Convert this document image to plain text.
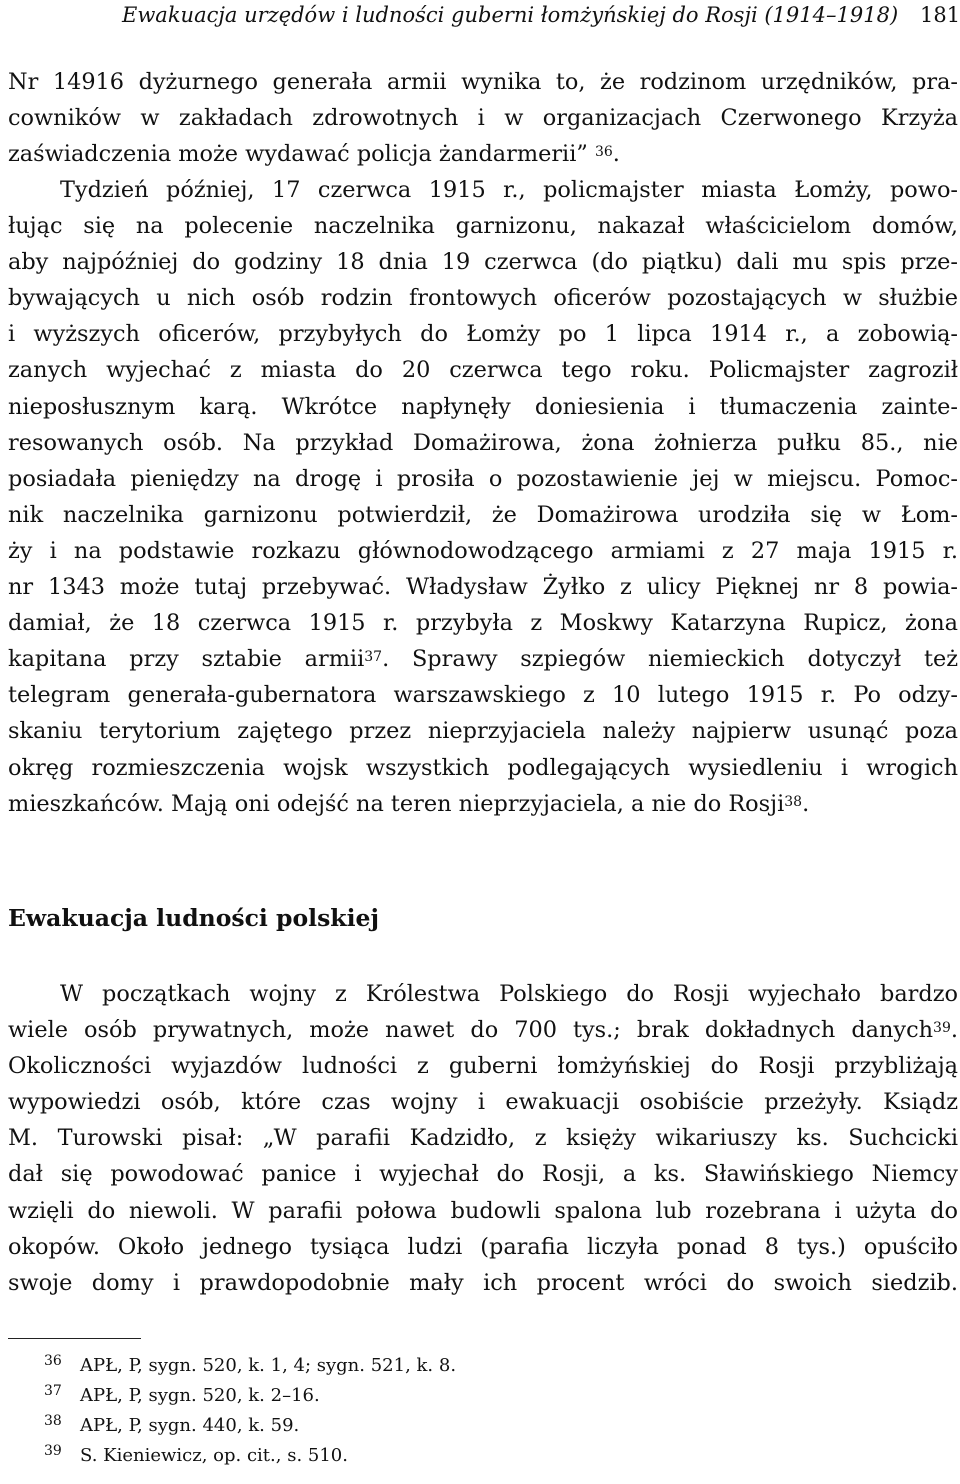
Ewakuacja urzędów i ludności guberni łomżyńskiej do Rosji (1914–1918) 181
Nr 14916 dyżurnego generała armii wynika to, że rodzinom urzędników, pra-
cowników w zakładach zdrowotnych i w organizacjach Czerwonego Krzyża
zaświadczenia może wydawać policja żandarmerii” $^{36}$.
Tydzień później, 17 czerwca 1915 r., policmajster miasta Łomży, powo-
łując się na polecenie naczelnika garnizonu, nakazał właścicielom domów,
aby najpóźniej do godziny 18 dnia 19 czerwca (do piątku) dali mu spis prze-
bywających u nich osób rodzin frontowych oficerów pozostających w służbie
i wyższych oficerów, przybyłych do Łomży po 1 lipca 1914 r., a zobowią-
zanych wyjechać z miasta do 20 czerwca tego roku. Policmajster zagroził
nieposłusznym karą. Wkrótce napłynęły doniesienia i tłumaczenia zainte-
resowanych osób. Na przykład Domażirowa, żona żołnierza pułku 85., nie
posiadała pieniędzy na drogę i prosiła o pozostawienie jej w miejscu. Pomoc-
nik naczelnika garnizonu potwierdził, że Domażirowa urodziła się w Łom-
ży i na podstawie rozkazu głównodowodzącego armiami z 27 maja 1915 r.
nr 1343 może tutaj przebywać. Władysław Żyłko z ulicy Pięknej nr 8 powia-
damiał, że 18 czerwca 1915 r. przybyła z Moskwy Katarzyna Rupicz, żona
kapitana przy sztabie armii$^{37}$. Sprawy szpiegów niemieckich dotyczył też
telegram generała-gubernatora warszawskiego z 10 lutego 1915 r. Po odzy-
skaniu terytorium zajętego przez nieprzyjaciela należy najpierw usunąć poza
okręg rozmieszczenia wojsk wszystkich podlegających wysiedleniu i wrogich
mieszkańców. Mają oni odejść na teren nieprzyjaciela, a nie do Rosji$^{38}$.
Ewakuacja ludności polskiej
W początkach wojny z Królestwa Polskiego do Rosji wyjechało bardzo
wiele osób prywatnych, może nawet do 700 tys.; brak dokładnych danych$^{39}$.
Okoliczności wyjazdów ludności z guberni łomżyńskiej do Rosji przybliżają
wypowiedzi osób, które czas wojny i ewakuacji osobiście przeżyły. Ksiądz
M. Turowski pisał: „W parafii Kadzidło, z księży wikariuszy ks. Suchcicki
dał się powodować panice i wyjechał do Rosji, a ks. Sławińskiego Niemcy
wzięli do niewoli. W parafii połowa budowli spalona lub rozebrana i użyta do
okopów. Około jednego tysiąca ludzi (parafia liczyła ponad 8 tys.) opuściło
swoje domy i prawdopodobnie mały ich procent wróci do swoich siedzib.
36 APŁ, P, sygn. 520, k. 1, 4; sygn. 521, k. 8.
37 APŁ, P, sygn. 520, k. 2–16.
38 APŁ, P, sygn. 440, k. 59.
39 S. Kieniewicz, op. cit., s. 510.
